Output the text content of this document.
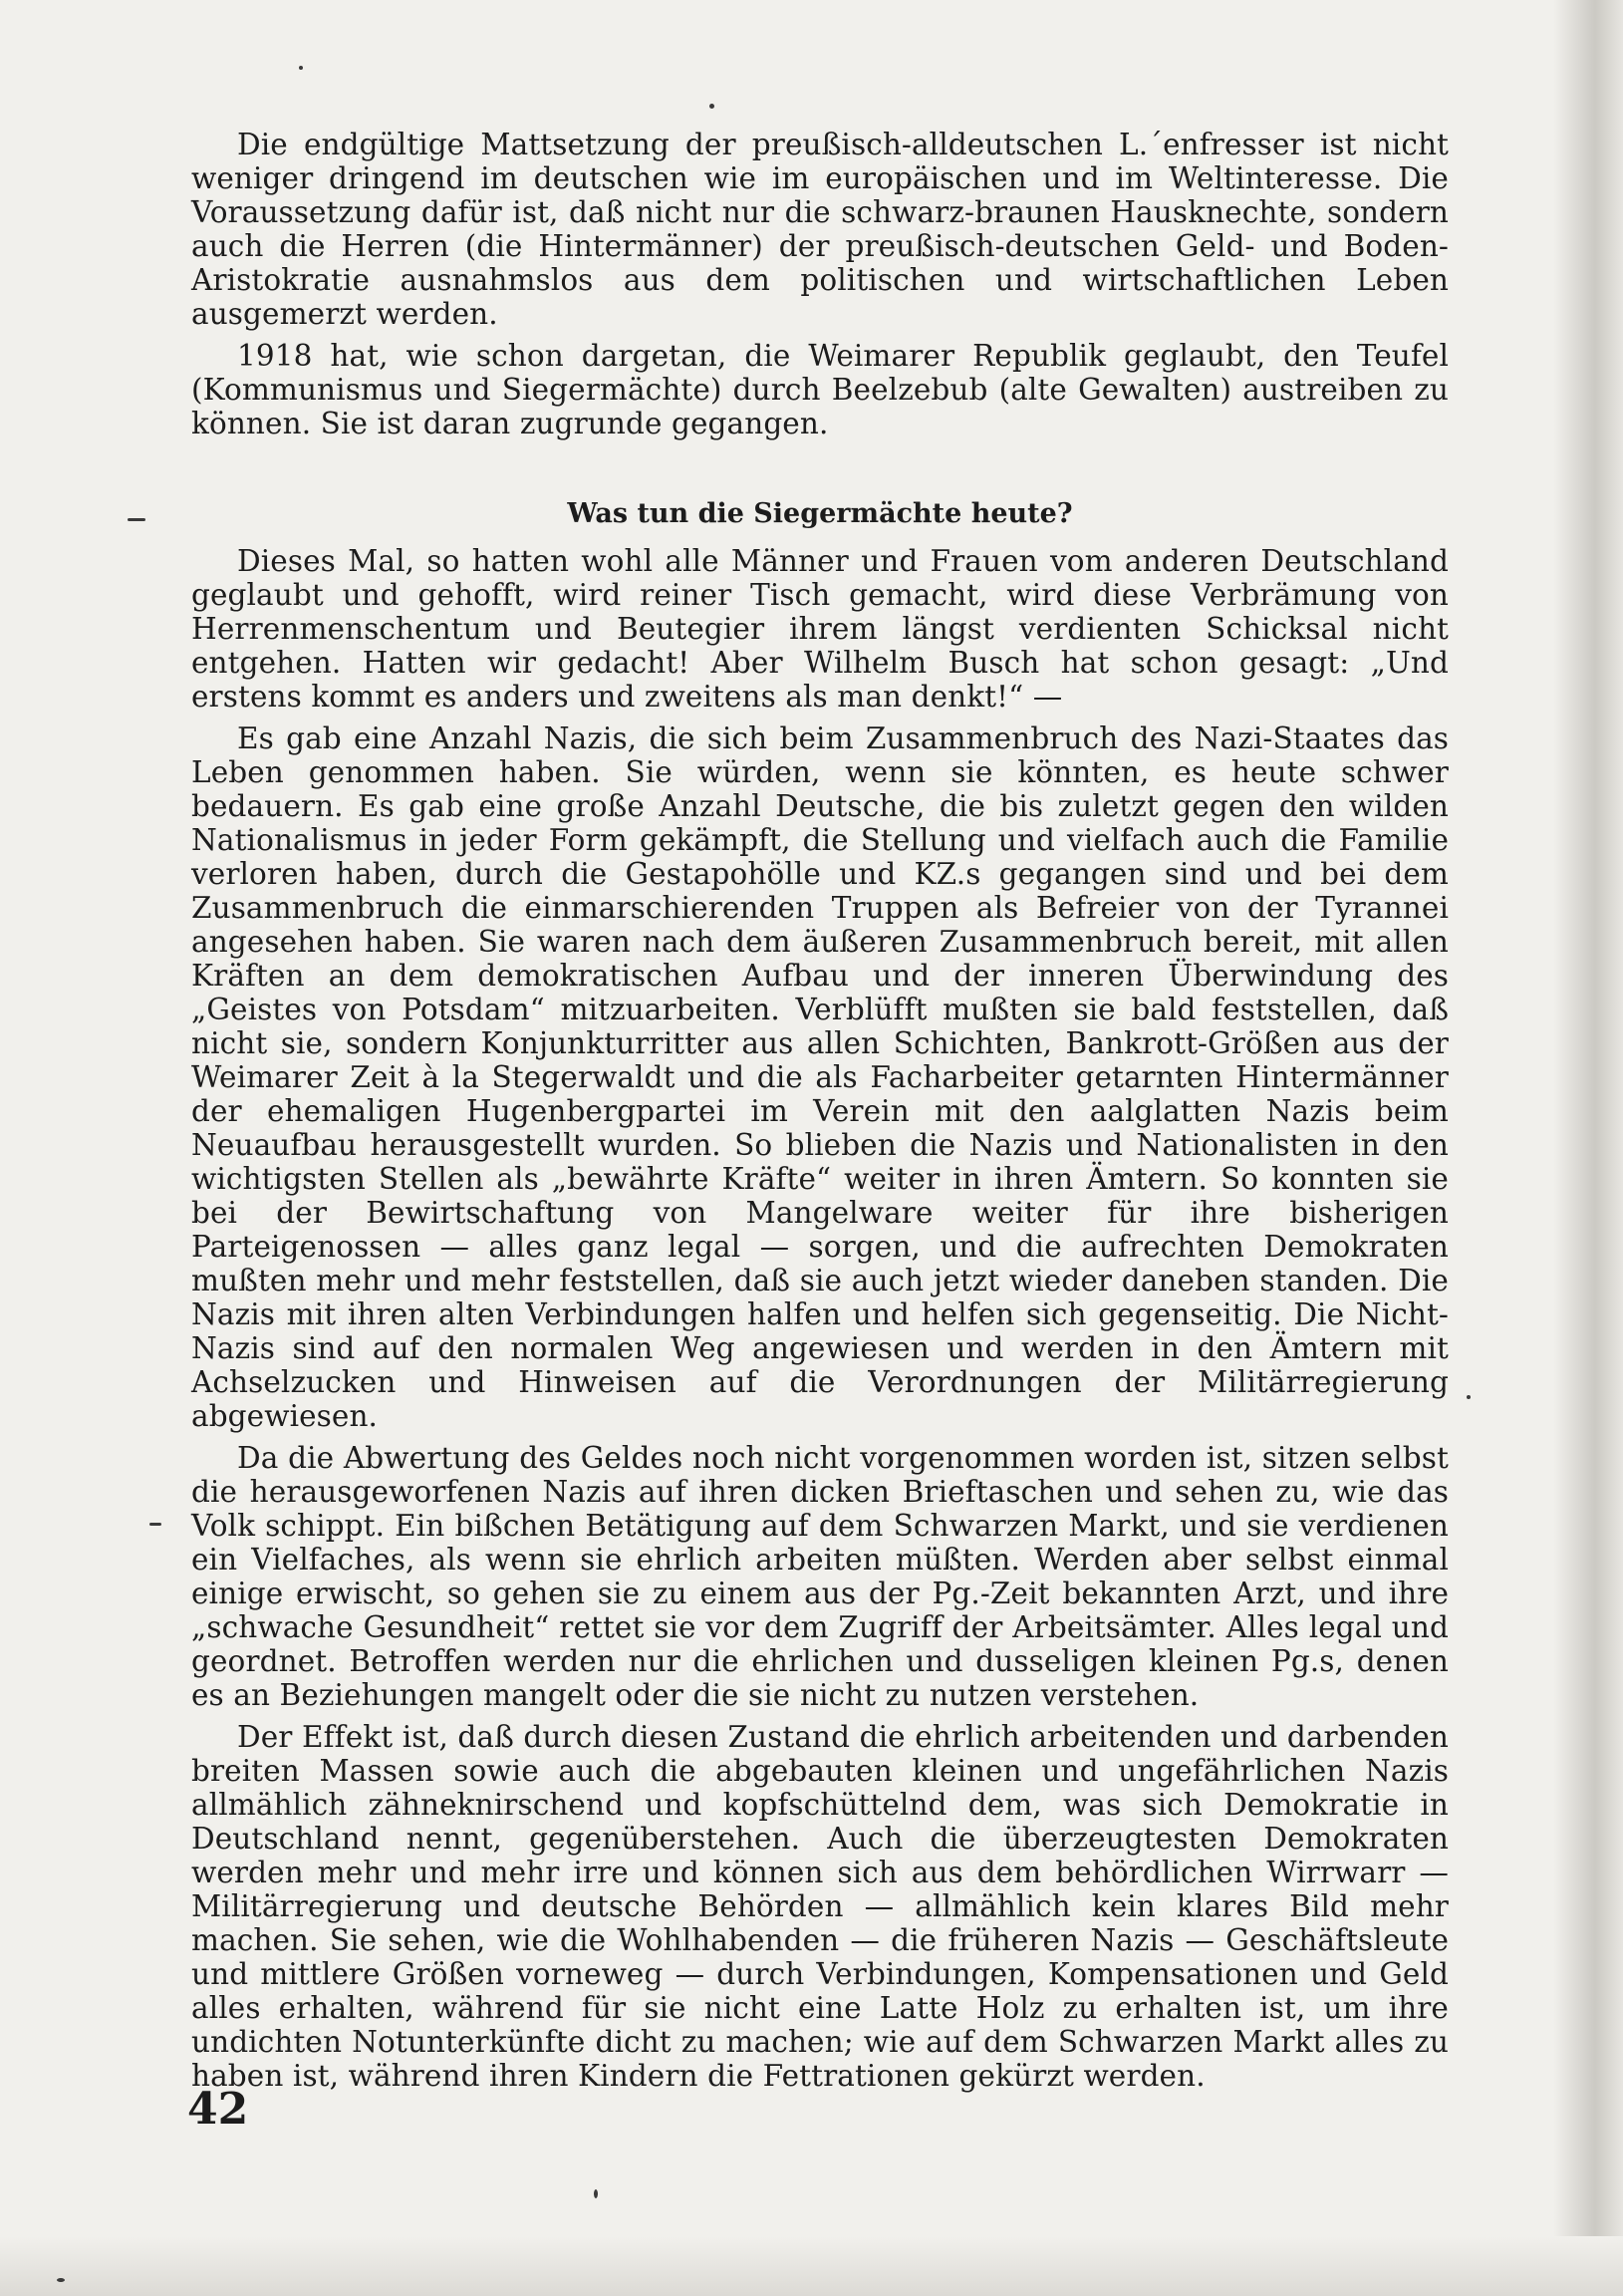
Die endgültige Mattsetzung der preußisch-alldeutschen L.´enfresser ist nicht weniger dringend im deutschen wie im europäischen und im Weltinteresse. Die Voraussetzung dafür ist, daß nicht nur die schwarz-braunen Hausknechte, sondern auch die Herren (die Hintermänner) der preußisch-deutschen Geld- und Boden-Aristokratie ausnahmslos aus dem politischen und wirtschaftlichen Leben ausgemerzt werden.

1918 hat, wie schon dargetan, die Weimarer Republik geglaubt, den Teufel (Kommunismus und Siegermächte) durch Beelzebub (alte Gewalten) austreiben zu können. Sie ist daran zugrunde gegangen.

Was tun die Siegermächte heute?

Dieses Mal, so hatten wohl alle Männer und Frauen vom anderen Deutschland geglaubt und gehofft, wird reiner Tisch gemacht, wird diese Verbrämung von Herrenmenschentum und Beutegier ihrem längst verdienten Schicksal nicht entgehen. Hatten wir gedacht! Aber Wilhelm Busch hat schon gesagt: „Und erstens kommt es anders und zweitens als man denkt!“ —

Es gab eine Anzahl Nazis, die sich beim Zusammenbruch des Nazi-Staates das Leben genommen haben. Sie würden, wenn sie könnten, es heute schwer bedauern. Es gab eine große Anzahl Deutsche, die bis zuletzt gegen den wilden Nationalismus in jeder Form gekämpft, die Stellung und vielfach auch die Familie verloren haben, durch die Gestapohölle und KZ.s gegangen sind und bei dem Zusammenbruch die einmarschierenden Truppen als Befreier von der Tyrannei angesehen haben. Sie waren nach dem äußeren Zusammenbruch bereit, mit allen Kräften an dem demokratischen Aufbau und der inneren Überwindung des „Geistes von Potsdam“ mitzuarbeiten. Verblüfft mußten sie bald feststellen, daß nicht sie, sondern Konjunkturritter aus allen Schichten, Bankrott-Größen aus der Weimarer Zeit à la Stegerwaldt und die als Facharbeiter getarnten Hintermänner der ehemaligen Hugenbergpartei im Verein mit den aalglatten Nazis beim Neuaufbau herausgestellt wurden. So blieben die Nazis und Nationalisten in den wichtigsten Stellen als „bewährte Kräfte“ weiter in ihren Ämtern. So konnten sie bei der Bewirtschaftung von Mangelware weiter für ihre bisherigen Parteigenossen — alles ganz legal — sorgen, und die aufrechten Demokraten mußten mehr und mehr feststellen, daß sie auch jetzt wieder daneben standen. Die Nazis mit ihren alten Verbindungen halfen und helfen sich gegenseitig. Die Nicht-Nazis sind auf den normalen Weg angewiesen und werden in den Ämtern mit Achselzucken und Hinweisen auf die Verordnungen der Militärregierung abgewiesen.

Da die Abwertung des Geldes noch nicht vorgenommen worden ist, sitzen selbst die herausgeworfenen Nazis auf ihren dicken Brieftaschen und sehen zu, wie das Volk schippt. Ein bißchen Betätigung auf dem Schwarzen Markt, und sie verdienen ein Vielfaches, als wenn sie ehrlich arbeiten müßten. Werden aber selbst einmal einige erwischt, so gehen sie zu einem aus der Pg.-Zeit bekannten Arzt, und ihre „schwache Gesundheit“ rettet sie vor dem Zugriff der Arbeitsämter. Alles legal und geordnet. Betroffen werden nur die ehrlichen und dusseligen kleinen Pg.s, denen es an Beziehungen mangelt oder die sie nicht zu nutzen verstehen.

Der Effekt ist, daß durch diesen Zustand die ehrlich arbeitenden und darbenden breiten Massen sowie auch die abgebauten kleinen und ungefährlichen Nazis allmählich zähneknirschend und kopfschüttelnd dem, was sich Demokratie in Deutschland nennt, gegenüberstehen. Auch die überzeugtesten Demokraten werden mehr und mehr irre und können sich aus dem behördlichen Wirrwarr — Militärregierung und deutsche Behörden — allmählich kein klares Bild mehr machen. Sie sehen, wie die Wohlhabenden — die früheren Nazis — Geschäftsleute und mittlere Größen vorneweg — durch Verbindungen, Kompensationen und Geld alles erhalten, während für sie nicht eine Latte Holz zu erhalten ist, um ihre undichten Notunterkünfte dicht zu machen; wie auf dem Schwarzen Markt alles zu haben ist, während ihren Kindern die Fettrationen gekürzt werden.

42
